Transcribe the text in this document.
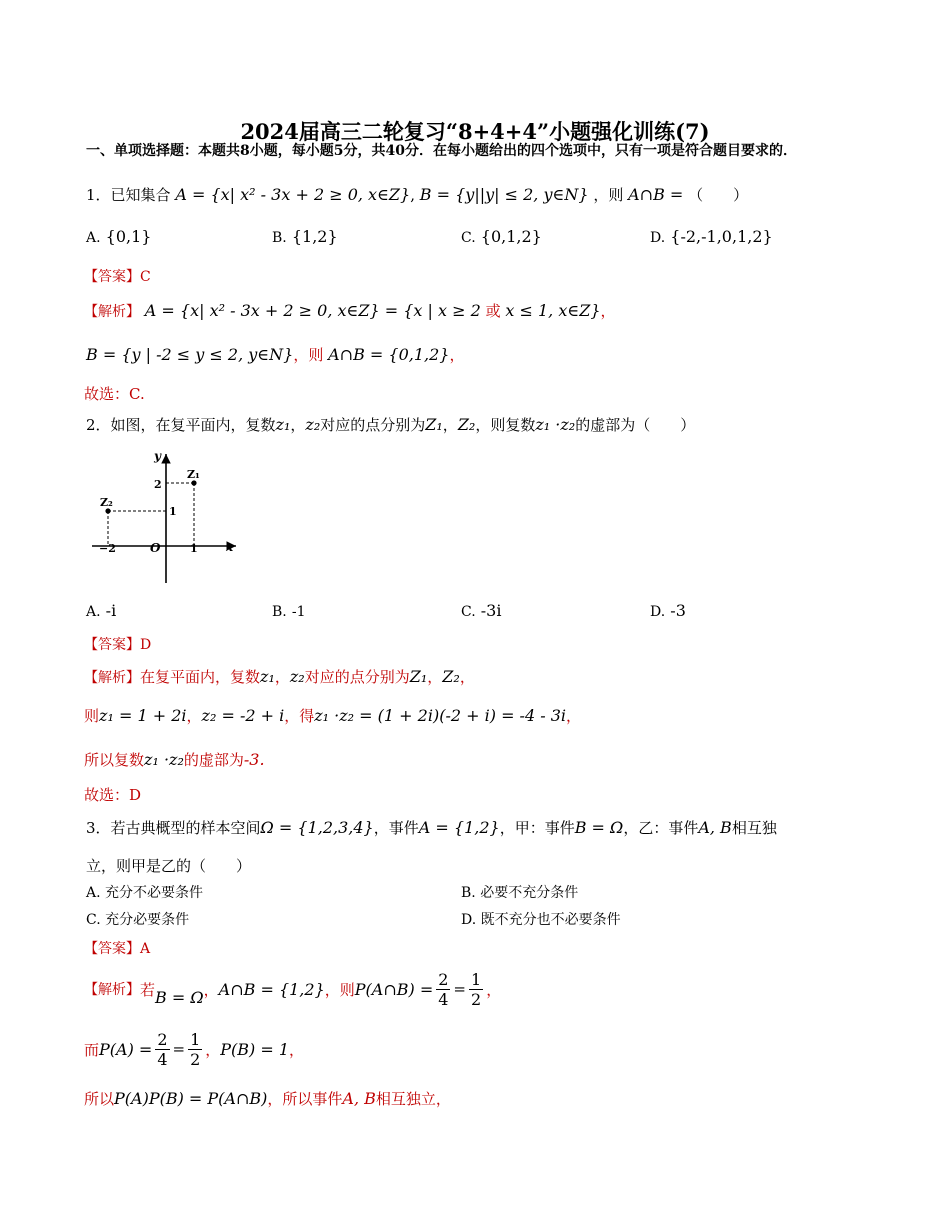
2024届高三二轮复习“8+4+4”小题强化训练(7)
一、单项选择题：本题共8小题，每小题5分，共40分．在每小题给出的四个选项中，只有一项是符合题目要求的．
1．已知集合 A = {x| x² - 3x + 2 ≥ 0, x∈Z}, B = {y||y| ≤ 2, y∈N} ，则 A∩B = （　　）
A. {0,1}	B. {1,2}	C. {0,1,2}	D. {-2,-1,0,1,2}
【答案】C
【解析】 A = {x| x² - 3x + 2 ≥ 0, x∈Z} = {x | x ≥ 2 或 x ≤ 1, x∈Z}，
B = {y | -2 ≤ y ≤ 2, y∈N}，则 A∩B = {0,1,2}，
故选：C.
2．如图，在复平面内，复数z₁，z₂对应的点分别为Z₁，Z₂，则复数z₁ ·z₂的虚部为（　　）
y
x
O
Z₁
Z₂
2
1
−2	1
A. -i	B. -1	C. -3i	D. -3
【答案】D
【解析】在复平面内，复数z₁，z₂对应的点分别为Z₁，Z₂，
则z₁ = 1 + 2i，z₂ = -2 + i，得z₁ ·z₂ = (1 + 2i)(-2 + i) = -4 - 3i，
所以复数z₁ ·z₂的虚部为-3.
故选：D
3．若古典概型的样本空间Ω = {1,2,3,4}，事件A = {1,2}，甲：事件B = Ω，乙：事件A, B相互独
立，则甲是乙的（　　）
A. 充分不必要条件	B. 必要不充分条件
C. 充分必要条件	D. 既不充分也不必要条件
【答案】A
【解析】 若 B = Ω ， A∩B = {1,2} ，则 P(A∩B) = $\frac{2}{4} = \frac{1}{2}$ ，
而 $P(A) = \frac{2}{4} = \frac{1}{2}$ ， P(B) = 1 ，
所以P(A)P(B) = P(A∩B)，所以事件A, B相互独立，
